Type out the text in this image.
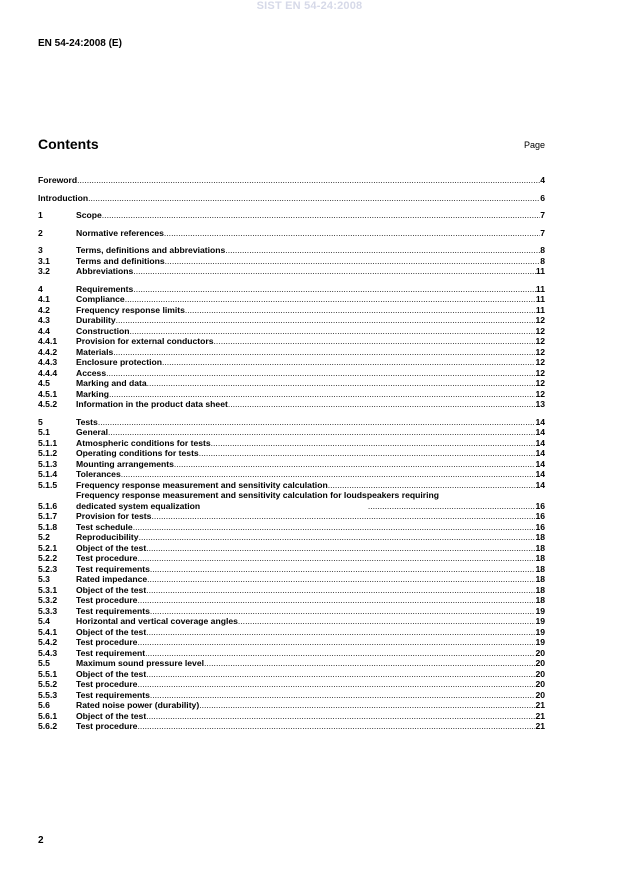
SIST EN 54-24:2008
EN 54-24:2008 (E)
Contents	Page
Foreword .....	4
Introduction .....	6
1	Scope .....	7
2	Normative references .....	7
3	Terms, definitions and abbreviations .....	8
3.1	Terms and definitions .....	8
3.2	Abbreviations .....	11
4	Requirements .....	11
4.1	Compliance .....	11
4.2	Frequency response limits .....	11
4.3	Durability .....	12
4.4	Construction .....	12
4.4.1	Provision for external conductors .....	12
4.4.2	Materials .....	12
4.4.3	Enclosure protection .....	12
4.4.4	Access .....	12
4.5	Marking and data .....	12
4.5.1	Marking .....	12
4.5.2	Information in the product data sheet .....	13
5	Tests .....	14
5.1	General .....	14
5.1.1	Atmospheric conditions for tests .....	14
5.1.2	Operating conditions for tests .....	14
5.1.3	Mounting arrangements .....	14
5.1.4	Tolerances .....	14
5.1.5	Frequency response measurement and sensitivity calculation .....	14
5.1.6
Frequency response measurement and sensitivity calculation for loudspeakers requiring
dedicated system equalization .....	16
5.1.7	Provision for tests .....	16
5.1.8	Test schedule .....	16
5.2	Reproducibility .....	18
5.2.1	Object of the test .....	18
5.2.2	Test procedure .....	18
5.2.3	Test requirements .....	18
5.3	Rated impedance .....	18
5.3.1	Object of the test .....	18
5.3.2	Test procedure .....	18
5.3.3	Test requirements .....	19
5.4	Horizontal and vertical coverage angles .....	19
5.4.1	Object of the test .....	19
5.4.2	Test procedure .....	19
5.4.3	Test requirement .....	20
5.5	Maximum sound pressure level .....	20
5.5.1	Object of the test .....	20
5.5.2	Test procedure .....	20
5.5.3	Test requirements .....	20
5.6	Rated noise power (durability) .....	21
5.6.1	Object of the test .....	21
5.6.2	Test procedure .....	21
2
